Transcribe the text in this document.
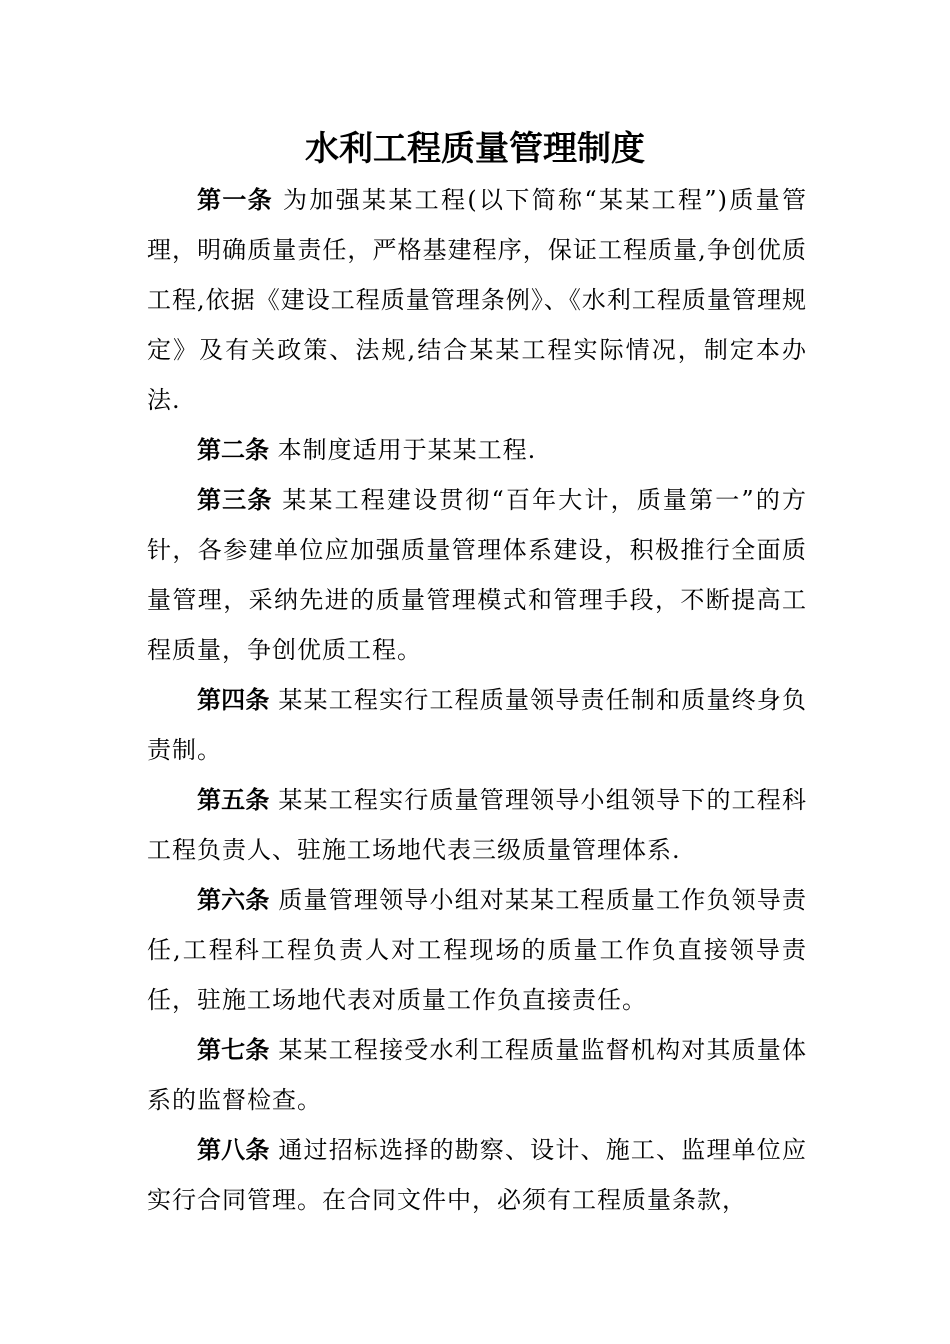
水利工程质量管理制度

第一条 为加强某某工程(以下简称“某某工程”)质量管理，明确质量责任，严格基建程序，保证工程质量,争创优质工程,依据《建设工程质量管理条例》、《水利工程质量管理规定》及有关政策、法规,结合某某工程实际情况，制定本办法.

第二条 本制度适用于某某工程.

第三条 某某工程建设贯彻“百年大计，质量第一”的方针，各参建单位应加强质量管理体系建设，积极推行全面质量管理，采纳先进的质量管理模式和管理手段，不断提高工程质量，争创优质工程。

第四条 某某工程实行工程质量领导责任制和质量终身负责制。

第五条 某某工程实行质量管理领导小组领导下的工程科工程负责人、驻施工场地代表三级质量管理体系.

第六条 质量管理领导小组对某某工程质量工作负领导责任,工程科工程负责人对工程现场的质量工作负直接领导责任，驻施工场地代表对质量工作负直接责任。

第七条 某某工程接受水利工程质量监督机构对其质量体系的监督检查。

第八条 通过招标选择的勘察、设计、施工、监理单位应实行合同管理。在合同文件中，必须有工程质量条款，
